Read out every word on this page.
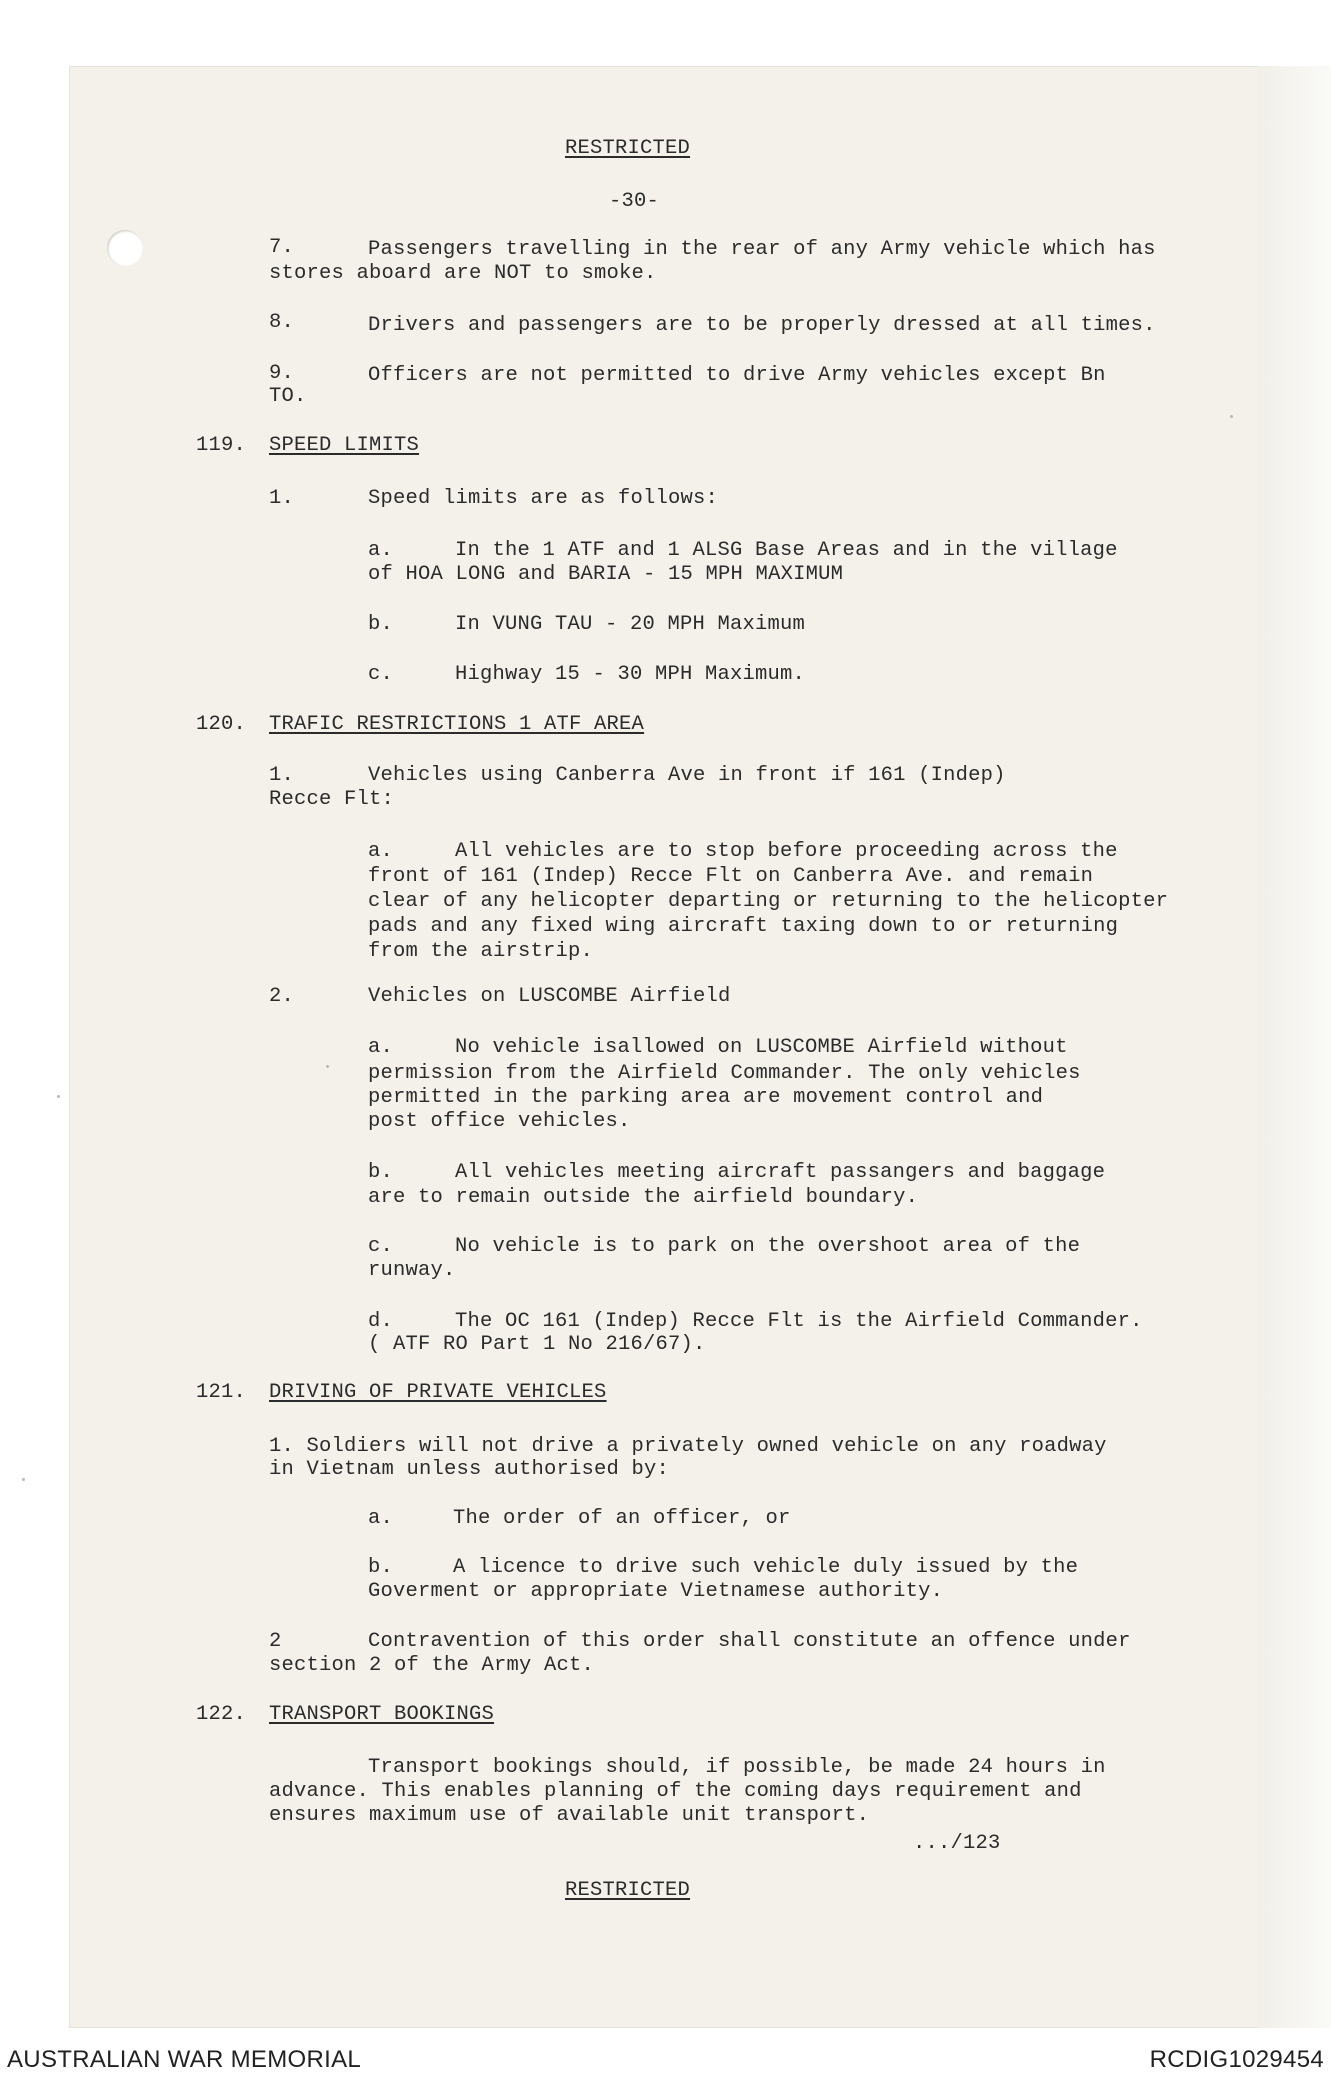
RESTRICTED
-30-
7.	Passengers travelling in the rear of any Army vehicle which has
stores aboard are NOT to smoke.
8.	Drivers and passengers are to be properly dressed at all times.
9.	Officers are not permitted to drive Army vehicles except Bn
TO.
119. SPEED LIMITS
1.	Speed limits are as follows:
a.	In the 1 ATF and 1 ALSG Base Areas and in the village
of HOA LONG and BARIA - 15 MPH MAXIMUM
b.	In VUNG TAU - 20 MPH Maximum
c.	Highway 15 - 30 MPH Maximum.
120. TRAFIC RESTRICTIONS 1 ATF AREA
1.	Vehicles using Canberra Ave in front if 161 (Indep)
Recce Flt:
a.	All vehicles are to stop before proceeding across the
front of 161 (Indep) Recce Flt on Canberra Ave. and remain
clear of any helicopter departing or returning to the helicopter
pads and any fixed wing aircraft taxing down to or returning
from the airstrip.
2.	Vehicles on LUSCOMBE Airfield
a.	No vehicle isallowed on LUSCOMBE Airfield without
permission from the Airfield Commander. The only vehicles
permitted in the parking area are movement control and
post office vehicles.
b.	All vehicles meeting aircraft passangers and baggage
are to remain outside the airfield boundary.
c.	No vehicle is to park on the overshoot area of the
runway.
d.	The OC 161 (Indep) Recce Flt is the Airfield Commander.
( ATF RO Part 1 No 216/67).
121. DRIVING OF PRIVATE VEHICLES
1. Soldiers will not drive a privately owned vehicle on any roadway
in Vietnam unless authorised by:
a.	The order of an officer, or
b.	A licence to drive such vehicle duly issued by the
Goverment or appropriate Vietnamese authority.
2	Contravention of this order shall constitute an offence under
section 2 of the Army Act.
122. TRANSPORT BOOKINGS
Transport bookings should, if possible, be made 24 hours in
advance. This enables planning of the coming days requirement and
ensures maximum use of available unit transport.
.../123
RESTRICTED
AUSTRALIAN WAR MEMORIAL	RCDIG1029454
